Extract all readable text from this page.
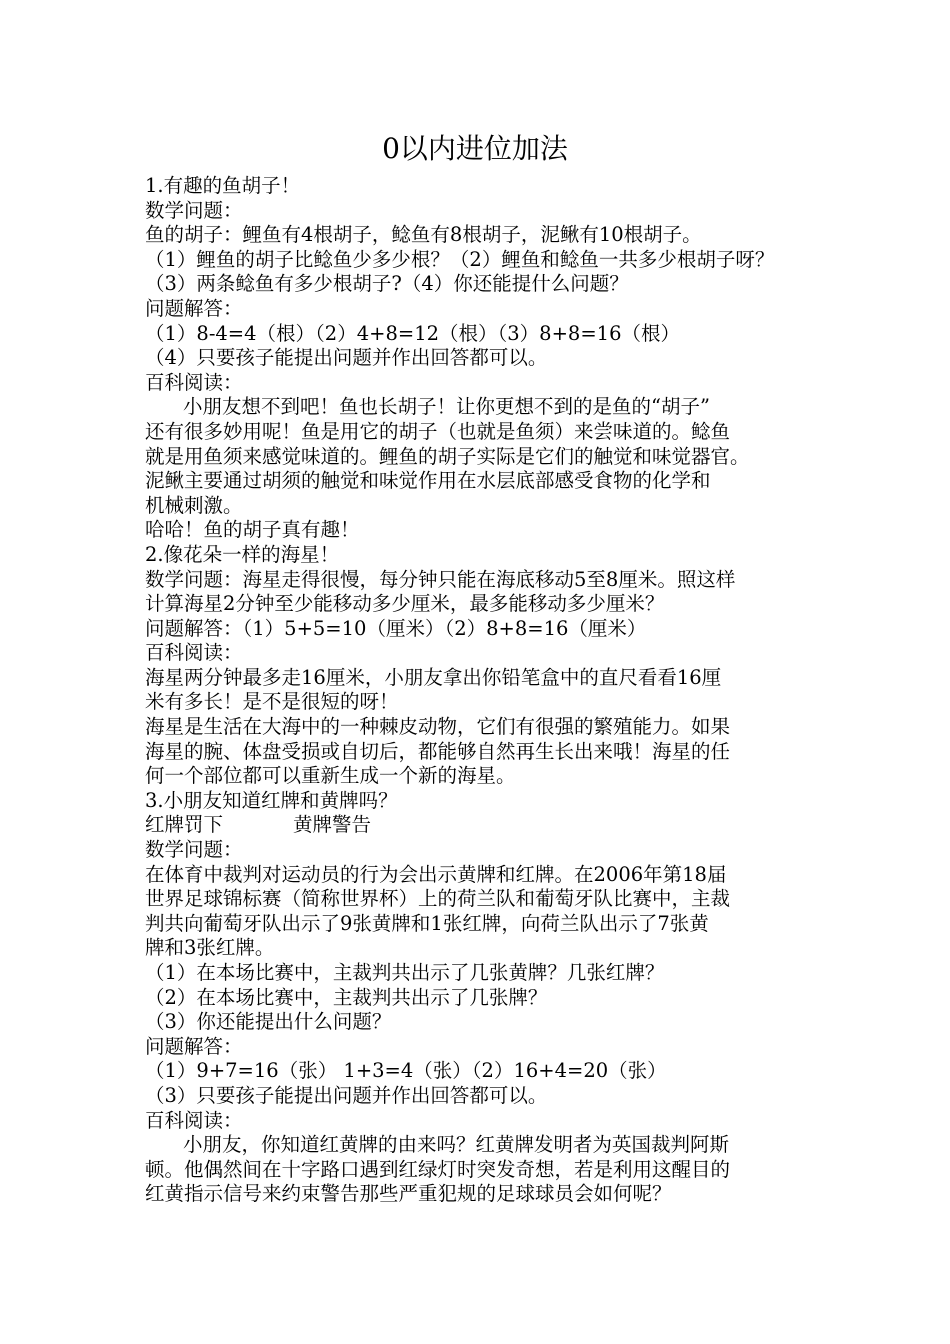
0以内进位加法
1.有趣的鱼胡子！
数学问题：
鱼的胡子：鲤鱼有4根胡子，鲶鱼有8根胡子，泥鳅有10根胡子。
（1）鲤鱼的胡子比鲶鱼少多少根？（2）鲤鱼和鲶鱼一共多少根胡子呀？
（3）两条鲶鱼有多少根胡子?（4）你还能提什么问题？
问题解答：
（1）8-4=4（根）（2）4+8=12（根）（3）8+8=16（根）
（4）只要孩子能提出问题并作出回答都可以。
百科阅读：
小朋友想不到吧！鱼也长胡子！让你更想不到的是鱼的“胡子”
还有很多妙用呢！鱼是用它的胡子（也就是鱼须）来尝味道的。鲶鱼
就是用鱼须来感觉味道的。鲤鱼的胡子实际是它们的触觉和味觉器官。
泥鳅主要通过胡须的触觉和味觉作用在水层底部感受食物的化学和
机械刺激。
哈哈！鱼的胡子真有趣！
2.像花朵一样的海星！
数学问题：海星走得很慢，每分钟只能在海底移动5至8厘米。照这样
计算海星2分钟至少能移动多少厘米，最多能移动多少厘米？
问题解答：（1）5+5=10（厘米）（2）8+8=16（厘米）
百科阅读：
海星两分钟最多走16厘米，小朋友拿出你铅笔盒中的直尺看看16厘
米有多长！是不是很短的呀！
海星是生活在大海中的一种棘皮动物，它们有很强的繁殖能力。如果
海星的腕、体盘受损或自切后，都能够自然再生长出来哦！海星的任
何一个部位都可以重新生成一个新的海星。
3.小朋友知道红牌和黄牌吗？
红牌罚下	黄牌警告
数学问题：
在体育中裁判对运动员的行为会出示黄牌和红牌。在2006年第18届
世界足球锦标赛（简称世界杯）上的荷兰队和葡萄牙队比赛中，主裁
判共向葡萄牙队出示了9张黄牌和1张红牌，向荷兰队出示了7张黄
牌和3张红牌。
（1）在本场比赛中，主裁判共出示了几张黄牌？几张红牌？
（2）在本场比赛中，主裁判共出示了几张牌？
（3）你还能提出什么问题？
问题解答：
（1）9+7=16（张） 1+3=4（张）（2）16+4=20（张）
（3）只要孩子能提出问题并作出回答都可以。
百科阅读：
小朋友，你知道红黄牌的由来吗？红黄牌发明者为英国裁判阿斯
顿。他偶然间在十字路口遇到红绿灯时突发奇想，若是利用这醒目的
红黄指示信号来约束警告那些严重犯规的足球球员会如何呢？
